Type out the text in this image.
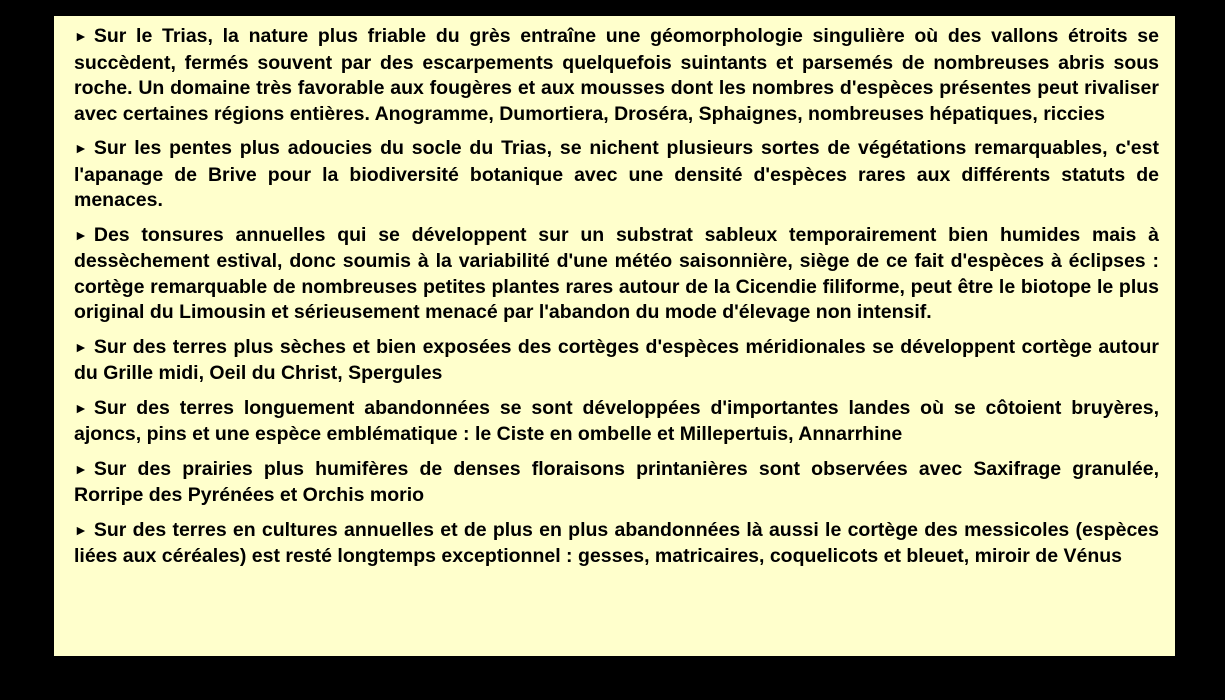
► Sur le Trias, la nature plus friable du grès entraîne une géomorphologie singulière où des vallons étroits se succèdent, fermés souvent par des escarpements quelquefois suintants et parsemés de nombreuses abris sous roche. Un domaine très favorable aux fougères et aux mousses dont les nombres d'espèces présentes peut rivaliser avec certaines régions entières. Anogramme, Dumortiera, Droséra, Sphaignes, nombreuses hépatiques, riccies

► Sur les pentes plus adoucies du socle du Trias, se nichent plusieurs sortes de végétations remarquables, c'est l'apanage de Brive pour la biodiversité botanique avec une densité d'espèces rares aux différents statuts de menaces.

► Des tonsures annuelles qui se développent sur un substrat sableux temporairement bien humides mais à dessèchement estival, donc soumis à la variabilité d'une météo saisonnière, siège de ce fait d'espèces à éclipses : cortège remarquable de nombreuses petites plantes rares autour de la Cicendie filiforme, peut être le biotope le plus original du Limousin et sérieusement menacé par l'abandon du mode d'élevage non intensif.

► Sur des terres plus sèches et bien exposées des cortèges d'espèces méridionales se développent cortège autour du Grille midi, Oeil du Christ, Spergules

► Sur des terres longuement abandonnées se sont développées d'importantes landes où se côtoient bruyères, ajoncs, pins et une espèce emblématique : le Ciste en ombelle et Millepertuis, Annarrhine

► Sur des prairies plus humifères de denses floraisons printanières sont observées avec Saxifrage granulée, Rorripe des Pyrénées et Orchis morio

► Sur des terres en cultures annuelles et de plus en plus abandonnées là aussi le cortège des messicoles (espèces liées aux céréales) est resté longtemps exceptionnel : gesses, matricaires, coquelicots et bleuet, miroir de Vénus
